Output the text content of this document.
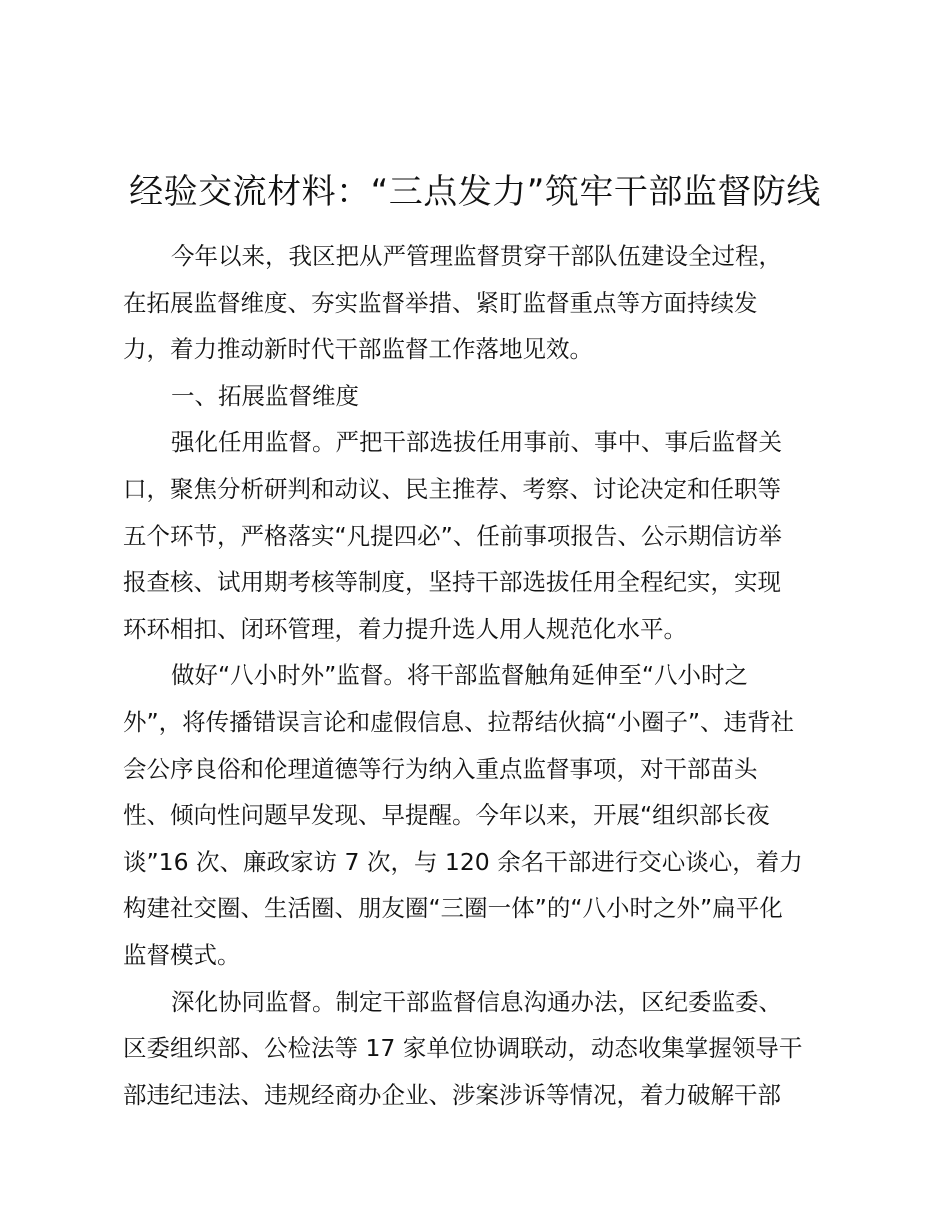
经验交流材料：“三点发力”筑牢干部监督防线
今年以来，我区把从严管理监督贯穿干部队伍建设全过程，
在拓展监督维度、夯实监督举措、紧盯监督重点等方面持续发
力，着力推动新时代干部监督工作落地见效。
一、拓展监督维度
强化任用监督。严把干部选拔任用事前、事中、事后监督关
口，聚焦分析研判和动议、民主推荐、考察、讨论决定和任职等
五个环节，严格落实“凡提四必”、任前事项报告、公示期信访举
报查核、试用期考核等制度，坚持干部选拔任用全程纪实，实现
环环相扣、闭环管理，着力提升选人用人规范化水平。
做好“八小时外”监督。将干部监督触角延伸至“八小时之
外”，将传播错误言论和虚假信息、拉帮结伙搞“小圈子”、违背社
会公序良俗和伦理道德等行为纳入重点监督事项，对干部苗头
性、倾向性问题早发现、早提醒。今年以来，开展“组织部长夜
谈”16 次、廉政家访 7 次，与 120 余名干部进行交心谈心，着力
构建社交圈、生活圈、朋友圈“三圈一体”的“八小时之外”扁平化
监督模式。
深化协同监督。制定干部监督信息沟通办法，区纪委监委、
区委组织部、公检法等 17 家单位协调联动，动态收集掌握领导干
部违纪违法、违规经商办企业、涉案涉诉等情况，着力破解干部
